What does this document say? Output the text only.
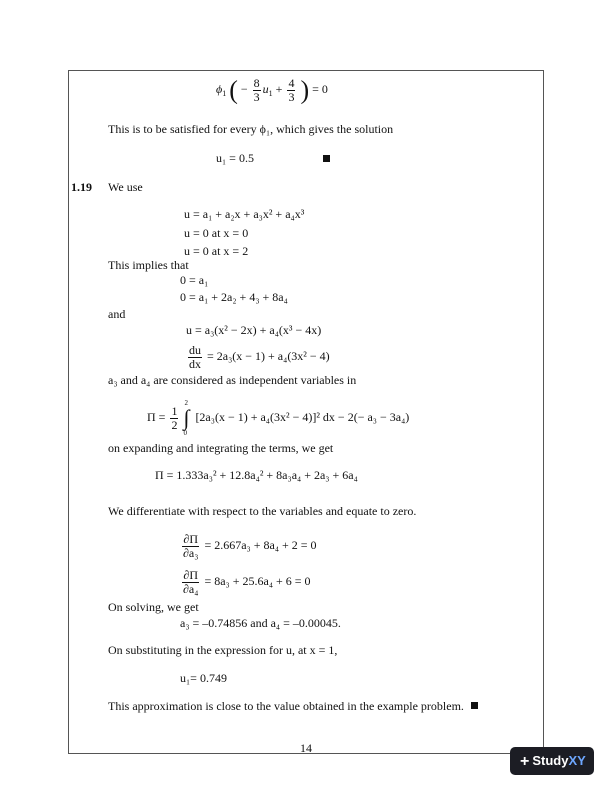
$\phi_1$ ( − $\frac{8}{3} u_1 + \frac{4}{3}$ ) = 0
This is to be satisfied for every ϕ₁, which gives the solution
u₁ = 0.5
1.19 We use
u = a₁ + a₂x + a₃x² + a₄x³
u = 0 at x = 0
u = 0 at x = 2
This implies that
0 = a₁
0 = a₁ + 2a₂ + 4₃ + 8a₄
and
u = a₃(x² − 2x) + a₄(x³ − 4x)
$\frac{du}{dx} = 2a_3(x - 1) + a_4(3x^2 - 4)$
a₃ and a₄ are considered as independent variables in
$\Pi = \frac{1}{2}$ ∫
2
0
[2a₃(x − 1) + a₄(3x² − 4)]² dx − 2(− a₃ − 3a₄)
on expanding and integrating the terms, we get
Π = 1.333a₃² + 12.8a₄² + 8a₃a₄ + 2a₃ + 6a₄
We differentiate with respect to the variables and equate to zero.
$\frac{\partial\Pi}{\text{∂a₃}} = 2.667a_3 + 8a_4 + 2 = 0$
$\frac{\partial\Pi}{\text{∂a₄}} = 8a_3 + 25.6a_4 + 6 = 0$
On solving, we get
a₃ = –0.74856 and a₄ = –0.00045.
On substituting in the expression for u, at x = 1,
u₁= 0.749
This approximation is close to the value obtained in the example problem.
14
+ StudyXY
